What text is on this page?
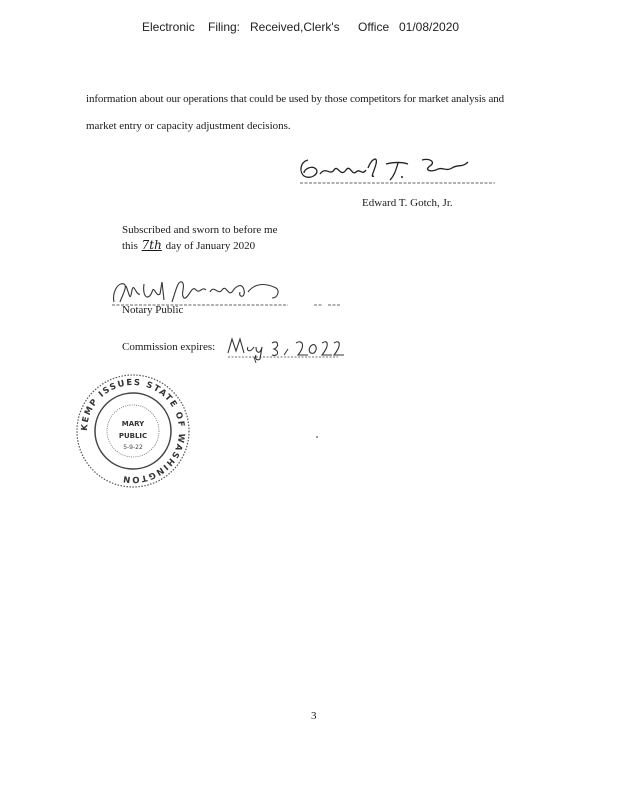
Electronic Filing: Received,Clerk's Office 01/08/2020
information about our operations that could be used by those competitors for market analysis and
market entry or capacity adjustment decisions.
Edward T. Gotch, Jr.
Subscribed and sworn to before me
this 7th day of January 2020
Notary Public
Commission expires:
KEMP ISSUES STATE OF WASHINGTON
MARY
PUBLIC
5-9-22
3
